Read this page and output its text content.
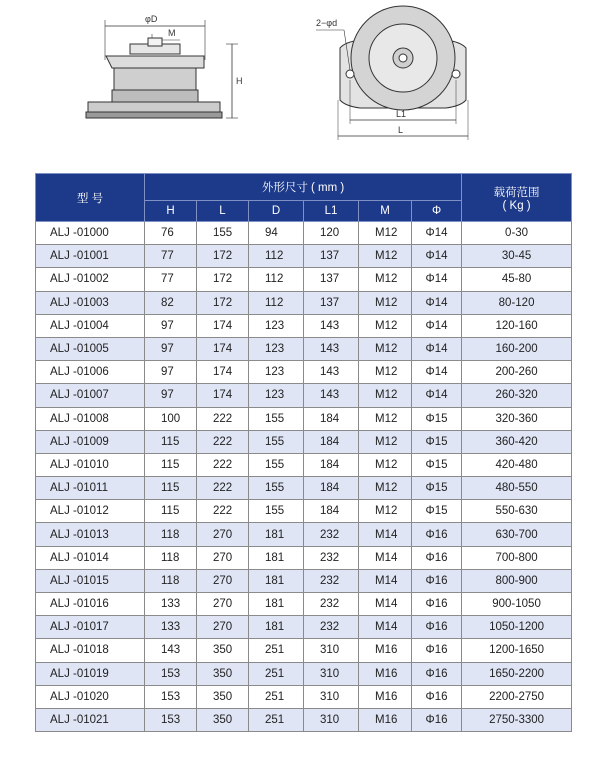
φD
M
H
2−φd
L1
L
型 号	外形尺寸 ( mm )						载荷范围
( Kg )

	H	L	D	L1	M	Φ	
ALJ -01000	76	155	94	120	M12	Φ14	0-30
ALJ -01001	77	172	112	137	M12	Φ14	30-45
ALJ -01002	77	172	112	137	M12	Φ14	45-80
ALJ -01003	82	172	112	137	M12	Φ14	80-120
ALJ -01004	97	174	123	143	M12	Φ14	120-160
ALJ -01005	97	174	123	143	M12	Φ14	160-200
ALJ -01006	97	174	123	143	M12	Φ14	200-260
ALJ -01007	97	174	123	143	M12	Φ14	260-320
ALJ -01008	100	222	155	184	M12	Φ15	320-360
ALJ -01009	115	222	155	184	M12	Φ15	360-420
ALJ -01010	115	222	155	184	M12	Φ15	420-480
ALJ -01011	115	222	155	184	M12	Φ15	480-550
ALJ -01012	115	222	155	184	M12	Φ15	550-630
ALJ -01013	118	270	181	232	M14	Φ16	630-700
ALJ -01014	118	270	181	232	M14	Φ16	700-800
ALJ -01015	118	270	181	232	M14	Φ16	800-900
ALJ -01016	133	270	181	232	M14	Φ16	900-1050
ALJ -01017	133	270	181	232	M14	Φ16	1050-1200
ALJ -01018	143	350	251	310	M16	Φ16	1200-1650
ALJ -01019	153	350	251	310	M16	Φ16	1650-2200
ALJ -01020	153	350	251	310	M16	Φ16	2200-2750
ALJ -01021	153	350	251	310	M16	Φ16	2750-3300
